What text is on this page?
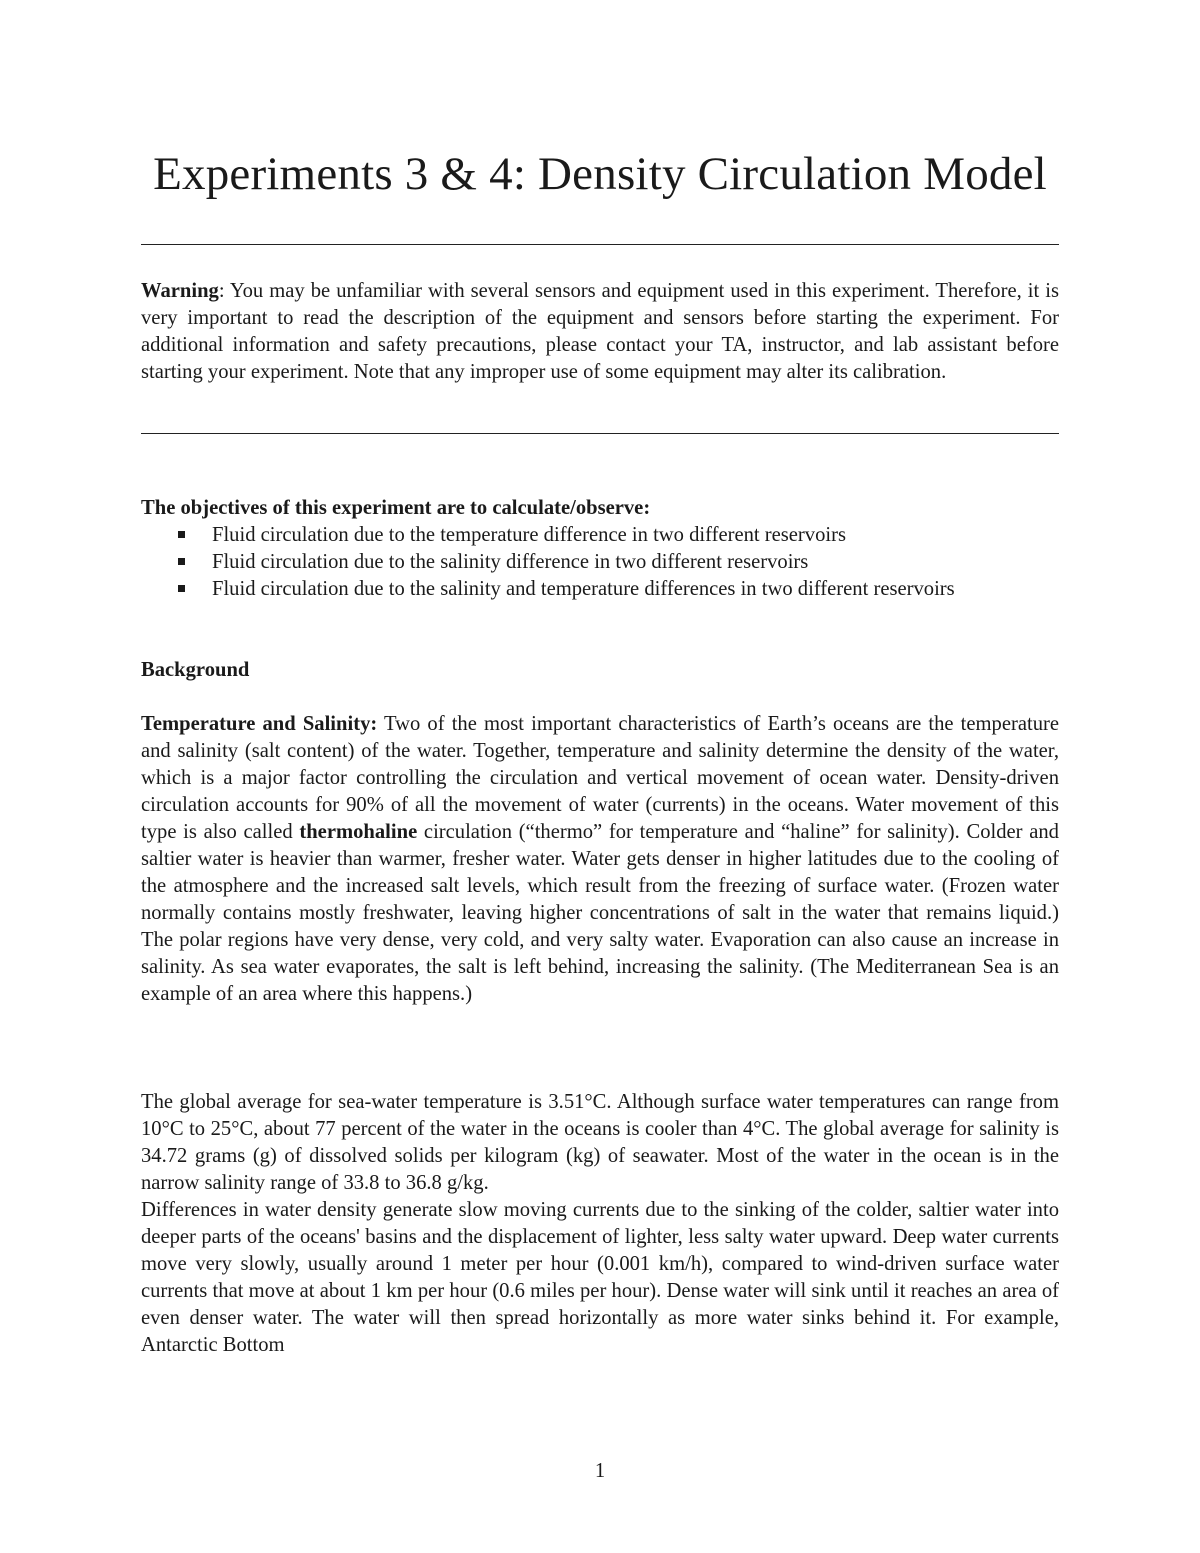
Experiments 3 & 4: Density Circulation Model

Warning: You may be unfamiliar with several sensors and equipment used in this experiment. Therefore, it is very important to read the description of the equipment and sensors before starting the experiment. For additional information and safety precautions, please contact your TA, instructor, and lab assistant before starting your experiment. Note that any improper use of some equipment may alter its calibration.

The objectives of this experiment are to calculate/observe:

Fluid circulation due to the temperature difference in two different reservoirs
Fluid circulation due to the salinity difference in two different reservoirs
Fluid circulation due to the salinity and temperature differences in two different reservoirs

Background

Temperature and Salinity: Two of the most important characteristics of Earth’s oceans are the temperature and salinity (salt content) of the water. Together, temperature and salinity determine the density of the water, which is a major factor controlling the circulation and vertical movement of ocean water. Density-driven circulation accounts for 90% of all the movement of water (currents) in the oceans. Water movement of this type is also called thermohaline circulation (“thermo” for temperature and “haline” for salinity). Colder and saltier water is heavier than warmer, fresher water. Water gets denser in higher latitudes due to the cooling of the atmosphere and the increased salt levels, which result from the freezing of surface water. (Frozen water normally contains mostly freshwater, leaving higher concentrations of salt in the water that remains liquid.) The polar regions have very dense, very cold, and very salty water. Evaporation can also cause an increase in salinity. As sea water evaporates, the salt is left behind, increasing the salinity. (The Mediterranean Sea is an example of an area where this happens.)

The global average for sea-water temperature is 3.51°C. Although surface water temperatures can range from 10°C to 25°C, about 77 percent of the water in the oceans is cooler than 4°C. The global average for salinity is 34.72 grams (g) of dissolved solids per kilogram (kg) of seawater. Most of the water in the ocean is in the narrow salinity range of 33.8 to 36.8 g/kg.

Differences in water density generate slow moving currents due to the sinking of the colder, saltier water into deeper parts of the oceans' basins and the displacement of lighter, less salty water upward. Deep water currents move very slowly, usually around 1 meter per hour (0.001 km/h), compared to wind-driven surface water currents that move at about 1 km per hour (0.6 miles per hour). Dense water will sink until it reaches an area of even denser water. The water will then spread horizontally as more water sinks behind it. For example, Antarctic Bottom

1
